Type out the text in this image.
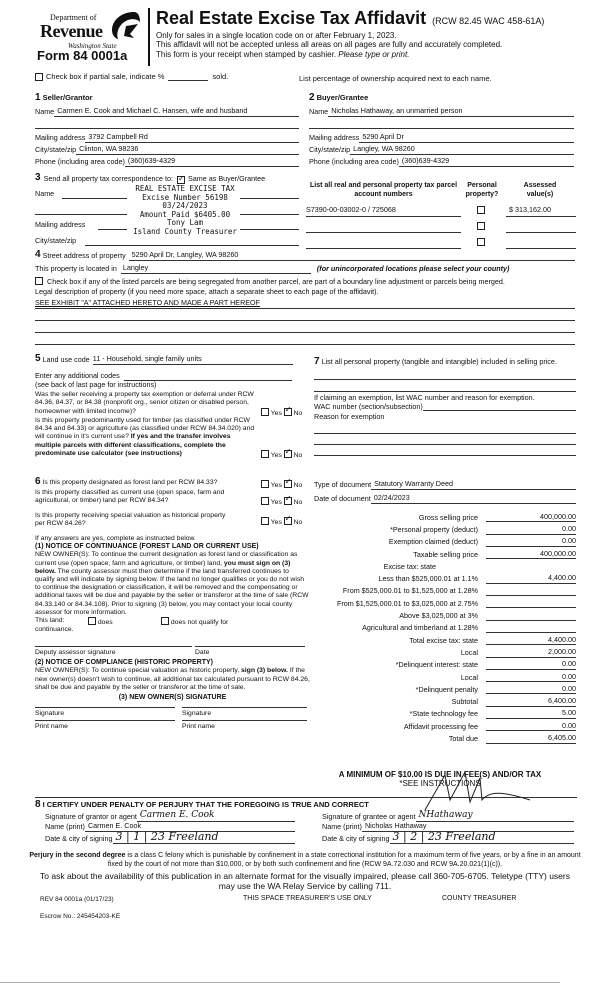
Department of
Revenue
Washington State
Form 84 0001a
Real Estate Excise Tax Affidavit (RCW 82.45 WAC 458-61A)
Only for sales in a single location code on or after February 1, 2023.
This affidavit will not be accepted unless all areas on all pages are fully and accurately completed.
This form is your receipt when stamped by cashier. Please type or print.
Check box if partial sale, indicate %	sold.	List percentage of ownership acquired next to each name.
1 Seller/Grantor
Name Carmen E. Cook and Michael C. Hansen, wife and husband
Mailing address 3792 Campbell Rd
City/state/zip Clinton, WA 98236
Phone (including area code) (360)639-4329
2 Buyer/Grantee
Name Nicholas Hathaway, an unmarried person
Mailing address 5290 April Dr
City/state/zip Langley, WA 98260
Phone (including area code) (360)639-4329
3 Send all property tax correspondence to: ✓ Same as Buyer/Grantee
Name
Mailing address
City/state/zip
REAL ESTATE EXCISE TAX
Excise Number 56198
03/24/2023
Amount Paid $6405.00
Tony Lam
Island County Treasurer
List all real and personal property tax parcel account numbers
Personal property?
Assessed value(s)
S7390-00-03002-0 / 725068	$ 313,162.00
4 Street address of property 5290 April Dr, Langley, WA 98260
This property is located in Langley	(for unincorporated locations please select your county)
Check box if any of the listed parcels are being segregated from another parcel, are part of a boundary line adjustment or parcels being merged.
Legal description of property (if you need more space, attach a separate sheet to each page of the affidavit).
SEE EXHIBIT "A" ATTACHED HERETO AND MADE A PART HEREOF
5 Land use code 11 - Household, single family units
Enter any additional codes
(see back of last page for instructions)
Was the seller receiving a property tax exemption or deferral under RCW 84.36, 84.37, or 84.38 (nonprofit org., senior citizen or disabled person, homeowner with limited income)?	Yes ✓ No
Is this property predominantly used for timber (as classified under RCW 84.34 and 84.33) or agriculture (as classified under RCW 84.34.020) and will continue in it's current use? If yes and the transfer involves multiple parcels with different classifications, complete the predominate use calculator (see instructions)	Yes ✓ No
7 List all personal property (tangible and intangible) included in selling price.
If claiming an exemption, list WAC number and reason for exemption.
WAC number (section/subsection)
Reason for exemption
6 Is this property designated as forest land per RCW 84.33?	Yes ✓ No
Is this property classified as current use (open space, farm and agricultural, or timber) land per RCW 84.34?	Yes ✓ No
Is this property receiving special valuation as historical property per RCW 84.26?	Yes ✓ No
If any answers are yes, complete as instructed below.
(1) NOTICE OF CONTINUANCE (FOREST LAND OR CURRENT USE)
NEW OWNER(S): To continue the current designation as forest land or classification as current use (open space, farm and agriculture, or timber) land, you must sign on (3) below. The county assessor must then determine if the land transferred continues to qualify and will indicate by signing below. If the land no longer qualifies or you do not wish to continue the designation or classification, it will be removed and the compensating or additional taxes will be due and payable by the seller or transferor at the time of sale (RCW 84.33.140 or 84.34.108). Prior to signing (3) below, you may contact your local county assessor for more information.
This land:	does	does not qualify for
continuance.
Deputy assessor signature	Date
(2) NOTICE OF COMPLIANCE (HISTORIC PROPERTY)
NEW OWNER(S): To continue special valuation as historic property, sign (3) below. If the new owner(s) doesn't wish to continue, all additional tax calculated pursuant to RCW 84.26, shall be due and payable by the seller or transferor at the time of sale.
(3) NEW OWNER(S) SIGNATURE
Signature	Signature
Print name	Print name
Type of document Statutory Warranty Deed
Date of document 02/24/2023
Gross selling price	400,000.00
*Personal property (deduct)	0.00
Exemption claimed (deduct)	0.00
Taxable selling price	400,000.00
Excise tax: state
Less than $525,000.01 at 1.1%	4,400.00
From $525,000.01 to $1,525,000 at 1.28%
From $1,525,000.01 to $3,025,000 at 2.75%
Above $3,025,000 at 3%
Agricultural and timberland at 1.28%
Total excise tax: state	4,400.00
Local	2,000.00
*Delinquent interest: state	0.00
Local	0.00
*Delinquent penalty	0.00
Subtotal	6,400.00
*State technology fee	5.00
Affidavit processing fee	0.00
Total due	6,405.00
A MINIMUM OF $10.00 IS DUE IN FEE(S) AND/OR TAX
*SEE INSTRUCTIONS
8 I CERTIFY UNDER PENALTY OF PERJURY THAT THE FOREGOING IS TRUE AND CORRECT
Signature of grantor or agent Carmen E. Cook
Name (print) Carmen E. Cook
Date & city of signing 3 | 1 | 23 Freeland
Signature of grantee or agent NHathaway
Name (print) Nicholas Hathaway
Date & city of signing 3 | 2 | 23 Freeland
Perjury in the second degree is a class C felony which is punishable by confinement in a state correctional institution for a maximum term of five years, or by a fine in an amount fixed by the court of not more than $10,000, or by both such confinement and fine (RCW 9A.72.030 and RCW 9A.20.021(1)(c)).
To ask about the availability of this publication in an alternate format for the visually impaired, please call 360-705-6705. Teletype (TTY) users may use the WA Relay Service by calling 711.
REV 84 0001a (01/17/23)	THIS SPACE TREASURER'S USE ONLY	COUNTY TREASURER
Escrow No.: 245454203-KE
